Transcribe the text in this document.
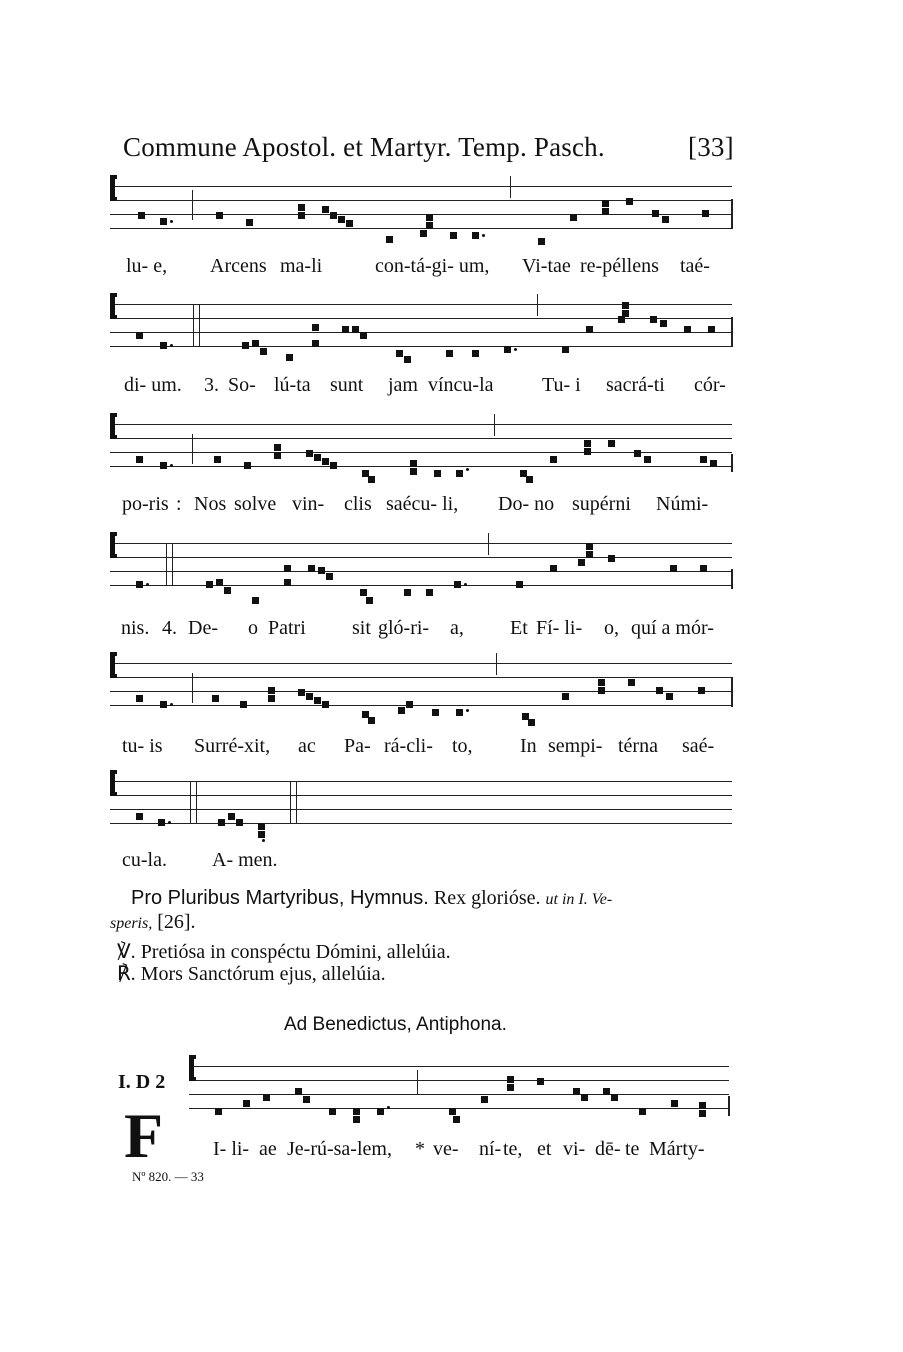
Commune Apostol. et Martyr. Temp. Pasch.	[33]
lu- e, Arcens ma-li	con-tá-gi- um, Vi-tae re-péllens taé-
di- um. 3. So- lú-ta sunt jam víncu-la Tu- i sacrá-ti cór-
po-ris : Nos solve vin- clis saécu- li, Do- no supérni Númi-
nis. 4. De- o Patri sit gló-ri- a, Et Fí- li- o, quí a mór-
tu- is Surré-xit, ac Pa- rá-cli- to, In sempi- térna saé-
cu-la. A- men.
Pro Pluribus Martyribus, Hymnus. Rex glorióse. ut in I. Ve-
speris, [26].
℣. Pretiósa in conspéctu Dómini, allelúia.
℟. Mors Sanctórum ejus, allelúia.
Ad Benedictus, Antiphona.
I. D 2
F I- li- ae Je-rú-sa-lem, * ve- ní- te, et vi- dē- te Márty-
Nº 820. — 33
